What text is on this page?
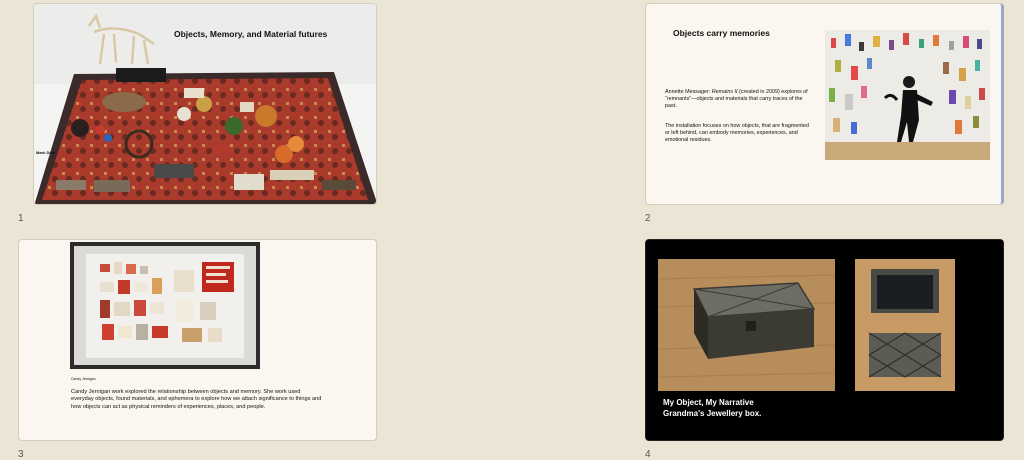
Objects, Memory, and Material futures
Mark Dion
1
Objects carry memories
Annette Messager: Remains II (created in 2009) explores of “remnants”—objects and materials that carry traces of the past.
The installation focuses on how objects, that are fragmented or left behind, can embody memories, experiences, and emotional residues.
2
Candy Jernigan
Candy Jernigan work explored the relationship between objects and memory. She work used everyday objects, found materials, and ephemera to explore how we attach significance to things and how objects can act as physical reminders of experiences, places, and people.
3
My Object, My Narrative
Grandma's Jewellery box.
4
